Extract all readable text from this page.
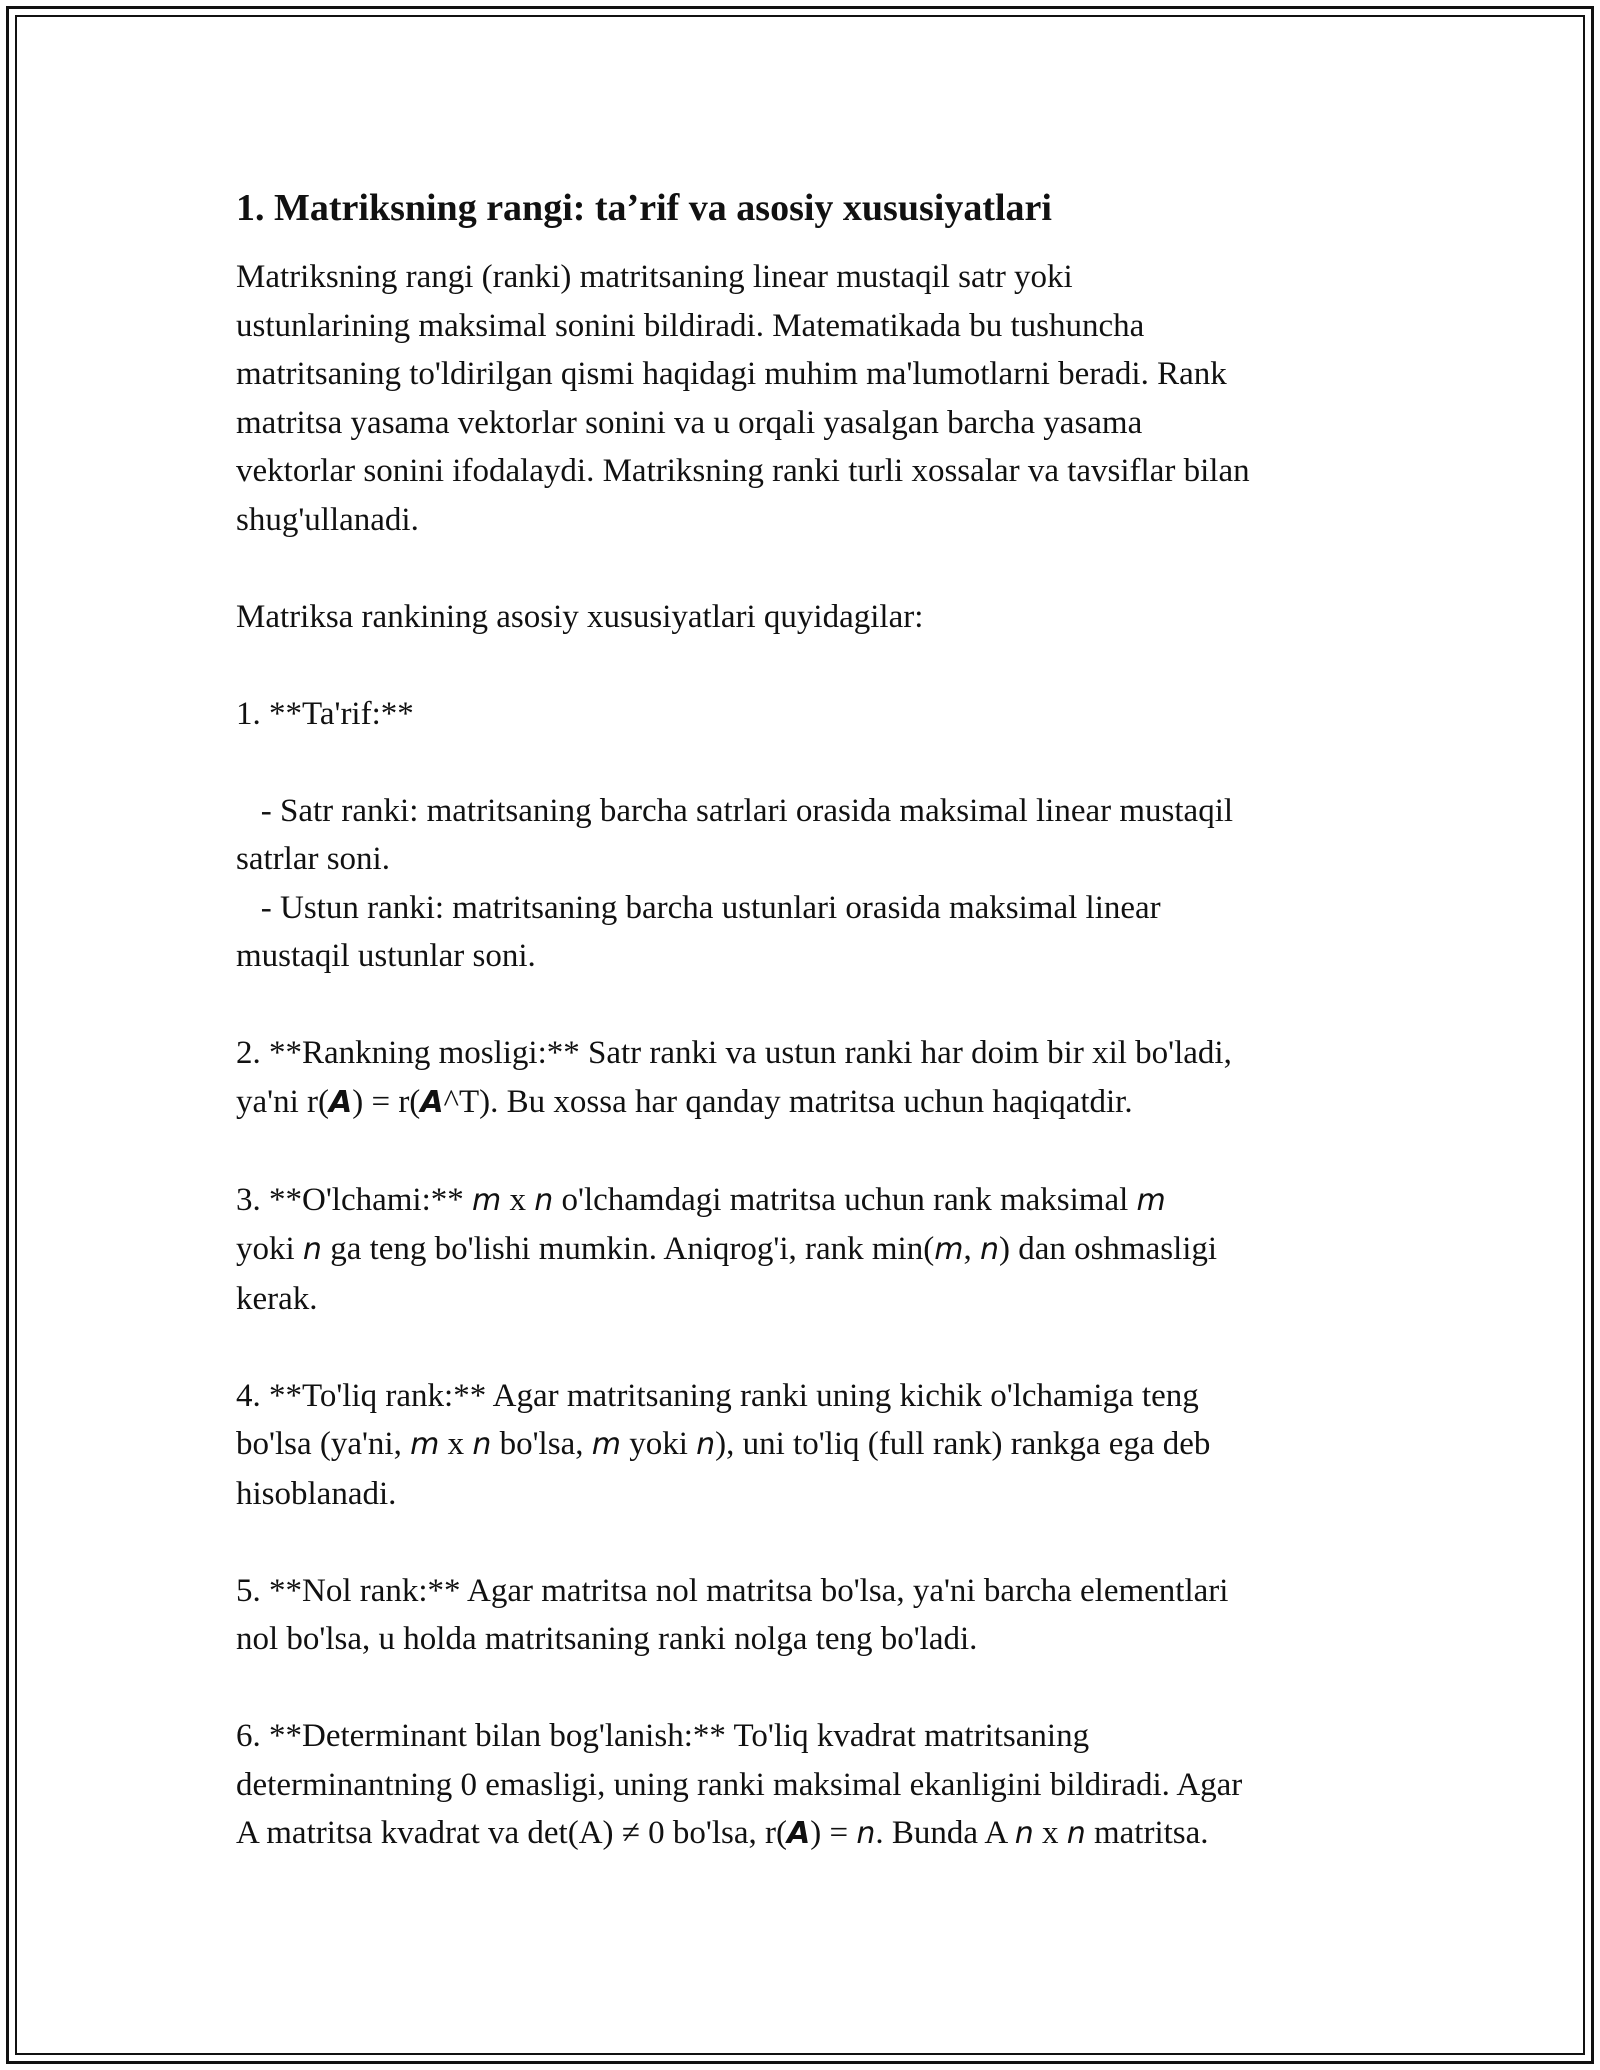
1. Matriksning rangi: ta’rif va asosiy xususiyatlari
Matriksning rangi (ranki) matritsaning linear mustaqil satr yoki
ustunlarining maksimal sonini bildiradi. Matematikada bu tushuncha
matritsaning to'ldirilgan qismi haqidagi muhim ma'lumotlarni beradi. Rank
matritsa yasama vektorlar sonini va u orqali yasalgan barcha yasama
vektorlar sonini ifodalaydi. Matriksning ranki turli xossalar va tavsiflar bilan
shug'ullanadi.
Matriksa rankining asosiy xususiyatlari quyidagilar:
1. **Ta'rif:**
- Satr ranki: matritsaning barcha satrlari orasida maksimal linear mustaqil
satrlar soni.
- Ustun ranki: matritsaning barcha ustunlari orasida maksimal linear
mustaqil ustunlar soni.
2. **Rankning mosligi:** Satr ranki va ustun ranki har doim bir xil bo'ladi,
ya'ni r(A) = r(A^T). Bu xossa har qanday matritsa uchun haqiqatdir.
3. **O'lchami:** m x n o'lchamdagi matritsa uchun rank maksimal m
yoki n ga teng bo'lishi mumkin. Aniqrog'i, rank min(m, n) dan oshmasligi
kerak.
4. **To'liq rank:** Agar matritsaning ranki uning kichik o'lchamiga teng
bo'lsa (ya'ni, m x n bo'lsa, m yoki n), uni to'liq (full rank) rankga ega deb
hisoblanadi.
5. **Nol rank:** Agar matritsa nol matritsa bo'lsa, ya'ni barcha elementlari
nol bo'lsa, u holda matritsaning ranki nolga teng bo'ladi.
6. **Determinant bilan bog'lanish:** To'liq kvadrat matritsaning
determinantning 0 emasligi, uning ranki maksimal ekanligini bildiradi. Agar
A matritsa kvadrat va det(A) ≠ 0 bo'lsa, r(A) = n. Bunda A n x n matritsa.
